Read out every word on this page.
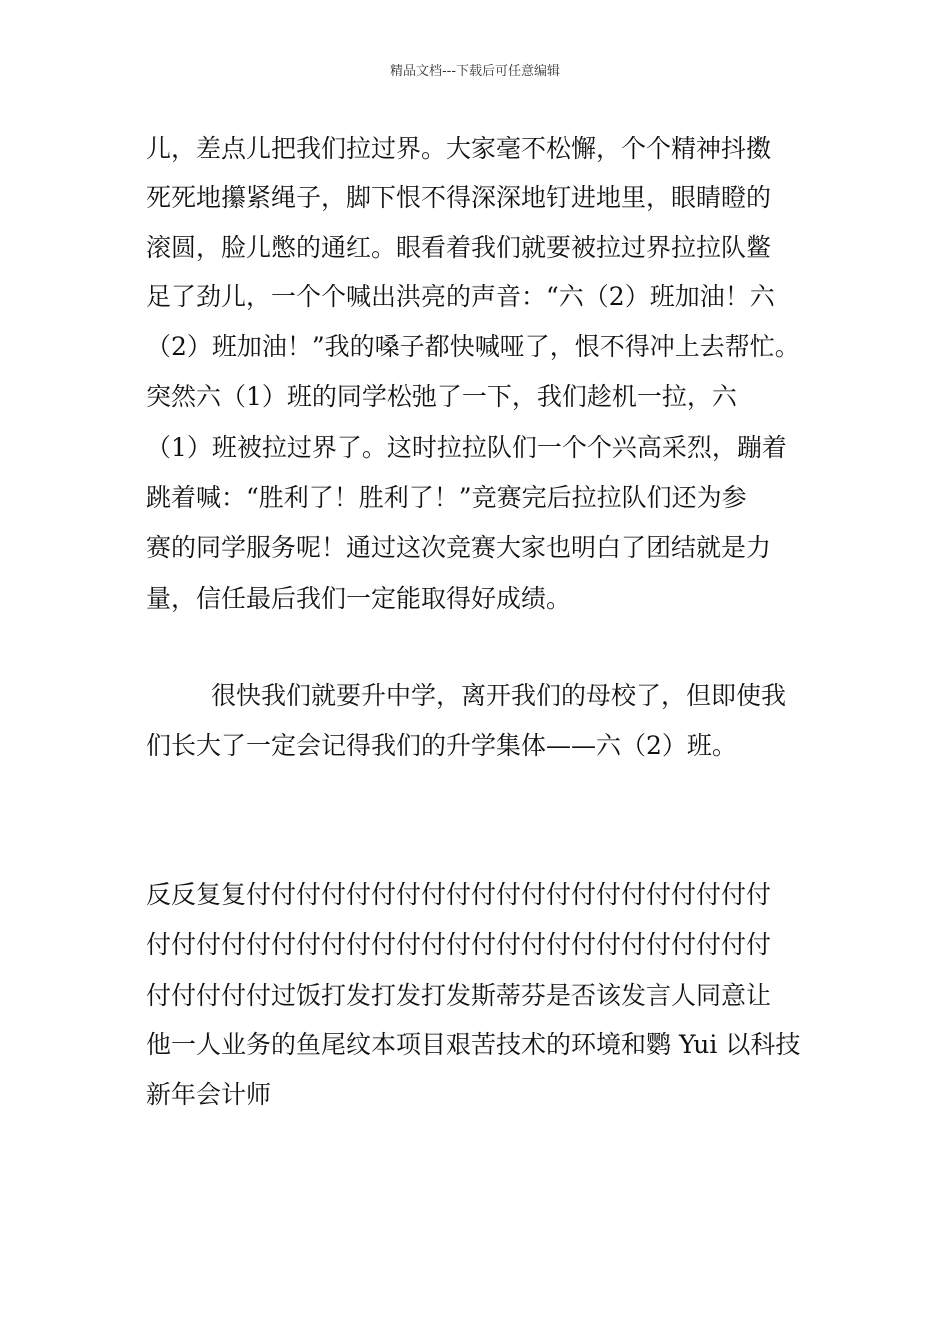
精品文档---下载后可任意编辑
儿，差点儿把我们拉过界。大家毫不松懈，个个精神抖擞
死死地攥紧绳子，脚下恨不得深深地钉进地里，眼睛瞪的
滚圆，脸儿憋的通红。眼看着我们就要被拉过界拉拉队鳖
足了劲儿，一个个喊出洪亮的声音：“六（2）班加油！六
（2）班加油！”我的嗓子都快喊哑了，恨不得冲上去帮忙。
突然六（1）班的同学松弛了一下，我们趁机一拉，六
（1）班被拉过界了。这时拉拉队们一个个兴高采烈，蹦着
跳着喊：“胜利了！胜利了！”竞赛完后拉拉队们还为参
赛的同学服务呢！通过这次竞赛大家也明白了团结就是力
量，信任最后我们一定能取得好成绩。
很快我们就要升中学，离开我们的母校了，但即使我
们长大了一定会记得我们的升学集体——六（2）班。
反反复复付付付付付付付付付付付付付付付付付付付付付
付付付付付付付付付付付付付付付付付付付付付付付付付
付付付付付过饭打发打发打发斯蒂芬是否该发言人同意让
他一人业务的鱼尾纹本项目艰苦技术的环境和鹦 Yui 以科技
新年会计师
